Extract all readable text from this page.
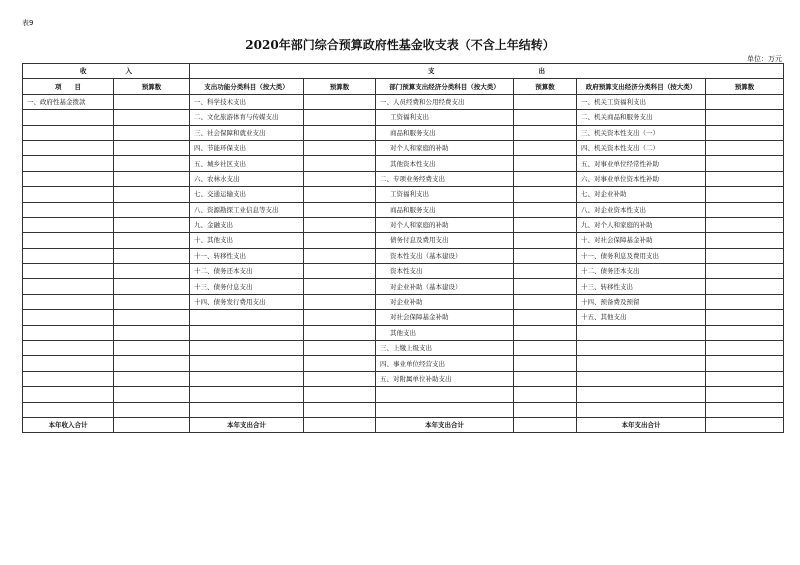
表9
2020年部门综合预算政府性基金收支表（不含上年结转）
单位：万元
收　　　　　　入		支　　　　　　　　　　　　　　　　出					
项　　目	预算数	支出功能分类科目（按大类）	预算数	部门预算支出经济分类科目（按大类）	预算数	政府预算支出经济分类科目（按大类）	预算数
一、政府性基金拨款		一、科学技术支出		一、人员经费和公用经费支出		一、机关工资福利支出	
		二、文化旅游体育与传媒支出		工资福利支出		二、机关商品和服务支出	
		三、社会保障和就业支出		商品和服务支出		三、机关资本性支出（一）	
		四、节能环保支出		对个人和家庭的补助		四、机关资本性支出（二）	
		五、城乡社区支出		其他资本性支出		五、对事业单位经常性补助	
		六、农林水支出		二、专项业务经费支出		六、对事业单位资本性补助	
		七、交通运输支出		工资福利支出		七、对企业补助	
		八、资源勘探工业信息等支出		商品和服务支出		八、对企业资本性支出	
		九、金融支出		对个人和家庭的补助		九、对个人和家庭的补助	
		十、其他支出		债务付息及费用支出		十、对社会保障基金补助	
		十一、转移性支出		资本性支出（基本建设）		十一、债务利息及费用支出	
		十二、债务还本支出		资本性支出		十二、债务还本支出	
		十三、债务付息支出		对企业补助（基本建设）		十三、转移性支出	
		十四、债务发行费用支出		对企业补助		十四、预备费及预留	
				对社会保障基金补助		十五、其他支出	
				其他支出			
				三、上缴上级支出			
				四、事业单位经营支出			
				五、对附属单位补助支出			

本年收入合计		本年支出合计		本年支出合计		本年支出合计	
